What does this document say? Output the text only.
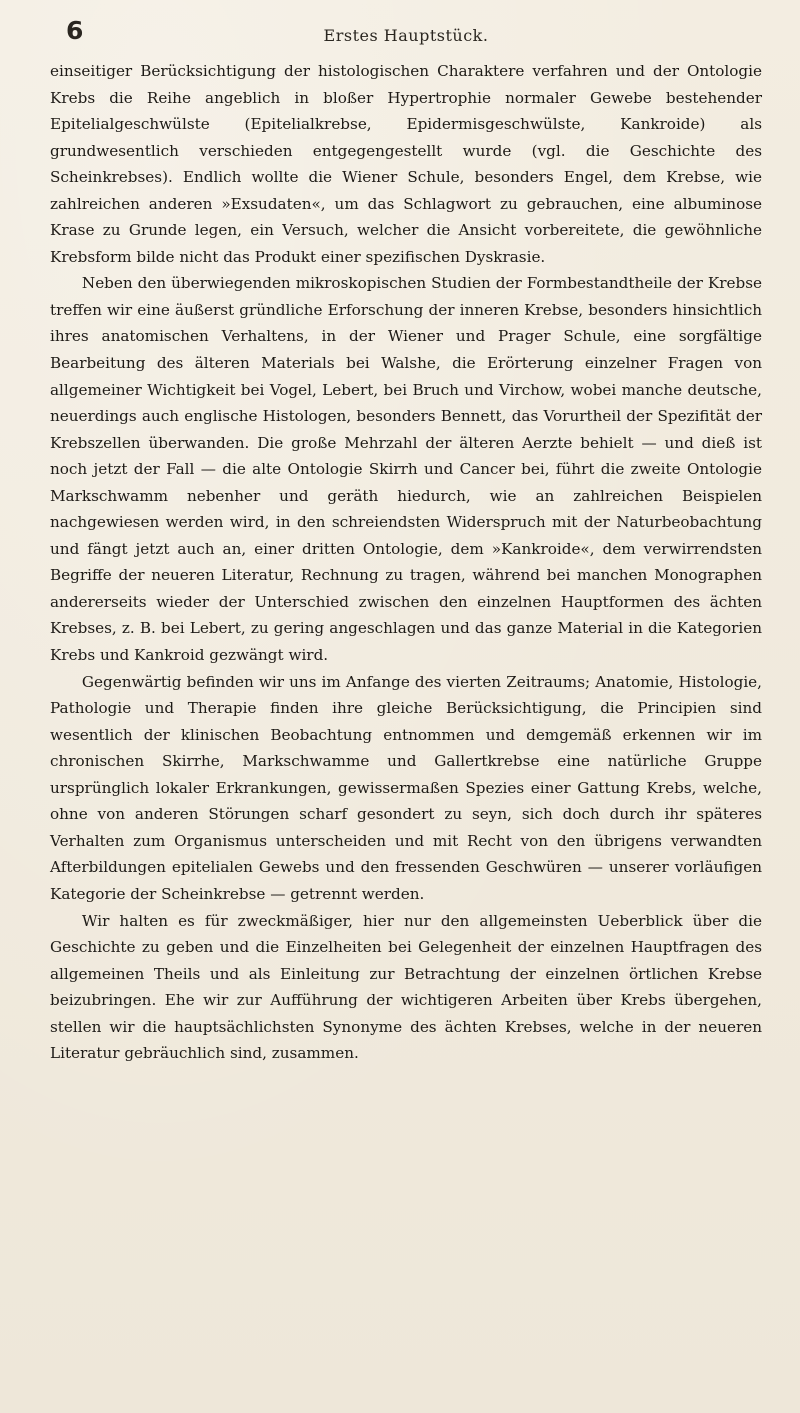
6	Erstes Hauptstück.

einseitiger Berücksichtigung der histologischen Charaktere verfahren und der Ontologie Krebs die Reihe angeblich in bloßer Hypertrophie normaler Gewebe bestehender Epitelialgeschwülste (Epitelialkrebse, Epidermisgeschwülste, Kankroide) als grundwesentlich verschieden entgegengestellt wurde (vgl. die Geschichte des Scheinkrebses). Endlich wollte die Wiener Schule, besonders Engel, dem Krebse, wie zahlreichen anderen »Exsudaten«, um das Schlagwort zu gebrauchen, eine albuminose Krase zu Grunde legen, ein Versuch, welcher die Ansicht vorbereitete, die gewöhnliche Krebsform bilde nicht das Produkt einer spezifischen Dyskrasie.

Neben den überwiegenden mikroskopischen Studien der Formbestandtheile der Krebse treffen wir eine äußerst gründliche Erforschung der inneren Krebse, besonders hinsichtlich ihres anatomischen Verhaltens, in der Wiener und Prager Schule, eine sorgfältige Bearbeitung des älteren Materials bei Walshe, die Erörterung einzelner Fragen von allgemeiner Wichtigkeit bei Vogel, Lebert, bei Bruch und Virchow, wobei manche deutsche, neuerdings auch englische Histologen, besonders Bennett, das Vorurtheil der Spezifität der Krebszellen überwanden. Die große Mehrzahl der älteren Aerzte behielt — und dieß ist noch jetzt der Fall — die alte Ontologie Skirrh und Cancer bei, führt die zweite Ontologie Markschwamm nebenher und geräth hiedurch, wie an zahlreichen Beispielen nachgewiesen werden wird, in den schreiendsten Widerspruch mit der Naturbeobachtung und fängt jetzt auch an, einer dritten Ontologie, dem »Kankroide«, dem verwirrendsten Begriffe der neueren Literatur, Rechnung zu tragen, während bei manchen Monographen andererseits wieder der Unterschied zwischen den einzelnen Hauptformen des ächten Krebses, z. B. bei Lebert, zu gering angeschlagen und das ganze Material in die Kategorien Krebs und Kankroid gezwängt wird.

Gegenwärtig befinden wir uns im Anfange des vierten Zeitraums; Anatomie, Histologie, Pathologie und Therapie finden ihre gleiche Berücksichtigung, die Principien sind wesentlich der klinischen Beobachtung entnommen und demgemäß erkennen wir im chronischen Skirrhe, Markschwamme und Gallertkrebse eine natürliche Gruppe ursprünglich lokaler Erkrankungen, gewissermaßen Spezies einer Gattung Krebs, welche, ohne von anderen Störungen scharf gesondert zu seyn, sich doch durch ihr späteres Verhalten zum Organismus unterscheiden und mit Recht von den übrigens verwandten Afterbildungen epitelialen Gewebs und den fressenden Geschwüren — unserer vorläufigen Kategorie der Scheinkrebse — getrennt werden.

Wir halten es für zweckmäßiger, hier nur den allgemeinsten Ueberblick über die Geschichte zu geben und die Einzelheiten bei Gelegenheit der einzelnen Hauptfragen des allgemeinen Theils und als Einleitung zur Betrachtung der einzelnen örtlichen Krebse beizubringen. Ehe wir zur Aufführung der wichtigeren Arbeiten über Krebs übergehen, stellen wir die hauptsächlichsten Synonyme des ächten Krebses, welche in der neueren Literatur gebräuchlich sind, zusammen.
